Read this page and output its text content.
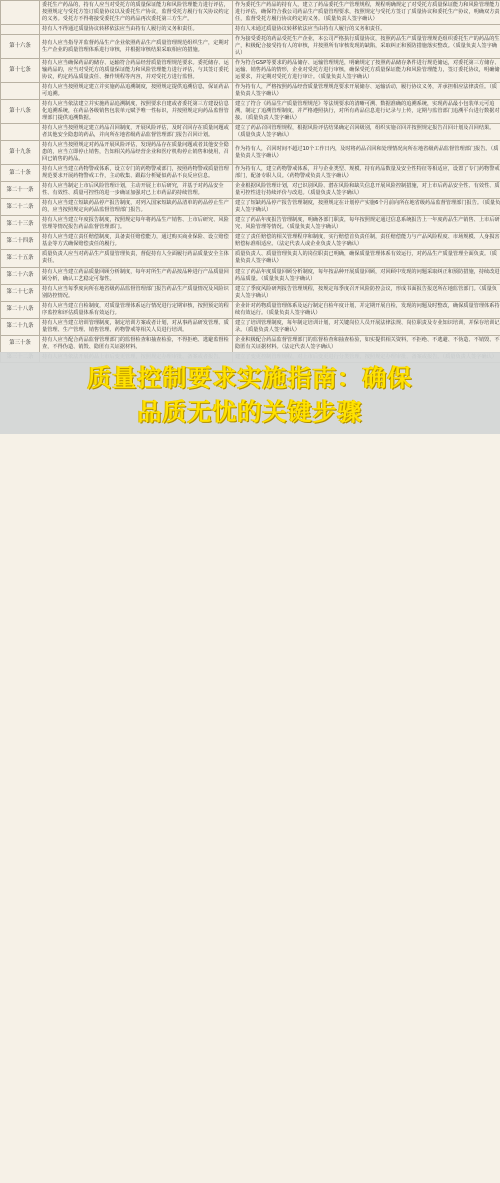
	委托生产药品的，持有人应当对受托方的质量保证能力和风险管理能力进行评估，按照规定与受托方签订质量协议以及委托生产协议，监督受托方履行有关协议约定的义务。受托方不得将接受委托生产的药品再次委托第三方生产。	作为委托生产药品的持有人，建立了药品委托生产管理规程，规程明确规定了对受托方质量保证能力和风险管理能力进行评估，确保符合我公司药品生产质量管理要求，按照规定与受托方签订了质量协议和委托生产协议，明确双方责任，监督受托方履行协议约定的义务。（质量负责人签字确认）
	持有人不得通过质量协议转移依法应当由持有人履行的义务和责任。	持有人未通过质量协议转移依法应当由持有人履行的义务和责任。
第十六条	持有人应当指导并监督药品生产企业依照药品生产质量管理规范组织生产，定期对生产企业的质量管理体系进行审核，并根据审核结果采取相应的措施。	作为接受委托的药品受托生产企业，本公司严格执行质量协议，按照药品生产质量管理规范组织委托生产的药品的生产，积极配合接受持有人的审核，并按照所有审核发现的缺陷，采取纠正和预防措施落实整改。（质量负责人签字确认）
第十七条	持有人应当确保药品的储存、运输符合药品经营质量管理规范要求。委托储存、运输药品的，应当对受托方的质量保证能力和风险管理能力进行评估，与其签订委托协议，约定药品质量责任、操作规程等内容，并对受托方进行监督。	作为符合GSP等要求的药品储存、运输管理规范，明确规定了按照药品储存条件进行规范储运，对委托第三方储存、运输、销售药品的情形，企业对受托方进行审核，确保受托方质量保证能力和风险管理能力，签订委托协议，明确储运要求，并定期对受托方进行审计。（质量负责人签字确认）
	持有人应当按照规定建立并实施药品追溯制度，按照规定提供追溯信息，保证药品可追溯。	作为持有人，严格按照药品经营质量管理规范要求开展储存、运输活动，履行协议义务，并承担相应法律责任。（质量负责人签字确认）
第十八条	持有人应当依法建立并实施药品追溯制度，按照要求自建或者委托第三方建设信息化追溯系统，在药品各级销售包装单元赋予唯一性标识，并按照规定向药品监督管理部门提供追溯数据。	建立了符合《药品生产质量管理规范》等法规要求的清晰可溯、数据准确的追溯系统，实现药品最小包装单元可追溯，制定了追溯管理制度，并严格遵照执行，对所有药品信息进行记录与上传，定期与监管部门追溯平台进行数据对接。（质量负责人签字确认）
	持有人应当按照规定建立药品召回制度，开展风险评估，及时召回存在质量问题或者其他安全隐患的药品，并向所在地省级药品监督管理部门报告召回计划。	建立了药品召回管理规程，根据风险评估结果确定召回级别，组织实施召回并按照规定报告召回计划及召回结果。（质量负责人签字确认）
第十九条	持有人应当按照规定对药品开展风险评估，发现药品存在质量问题或者其他安全隐患的，应当立即停止销售，告知相关药品经营企业和医疗机构停止销售和使用，召回已销售的药品。	作为持有人，召回时间不超过10个工作日内，及时将药品召回和处理情况向所在地省级药品监督管理部门报告。（质量负责人签字确认）
第二十条	持有人应当建立药物警戒体系，设立专门的药物警戒部门，按照药物警戒质量管理规范要求开展药物警戒工作，主动收集、跟踪分析疑似药品不良反应信息。	作为持有人，建立药物警戒体系，并与企业类型、规模、持有药品数量及安全性特征等相适应，设置了专门药物警戒部门，配备专职人员。（药物警戒负责人签字确认）
第二十一条	持有人应当制定上市后风险管理计划，主动开展上市后研究，并基于对药品安全性、有效性、质量可控性的进一步确证加强对已上市药品的持续管理。	企业根据风险管理计划，对已识别风险、潜在风险和缺失信息开展风险控制措施，对上市后药品安全性、有效性、质量可控性进行持续评价与改进。（质量负责人签字确认）
第二十二条	持有人应当建立短缺药品停产报告制度，对列入国家短缺药品清单的药品停止生产的，应当按照规定向药品监督管理部门报告。	建立了短缺药品停产报告管理制度，按照规定在计划停产实施6个月前向所在地省级药品监督管理部门报告。（质量负责人签字确认）
第二十三条	持有人应当建立年度报告制度，按照规定每年将药品生产销售、上市后研究、风险管理等情况报告药品监督管理部门。	建立了药品年度报告管理制度，明确各部门职责，每年按照规定通过信息系统报告上一年度药品生产销售、上市后研究、风险管理等情况。（质量负责人签字确认）
第二十四条	持有人应当建立责任赔偿制度，具备责任赔偿能力，通过购买商业保险、设立赔偿基金等方式确保赔偿责任的履行。	建立了责任赔偿的相关管理程序和制度，实行赔偿首负责任制，责任赔偿能力与产品风险程度、市场规模、人身损害赔偿标准相适应。（法定代表人或企业负责人签字确认）
第二十五条	质量负责人应当对药品生产质量管理负责，督促持有人全面履行药品质量安全主体责任。	质量负责人、质量管理负责人的岗位职责已明确，确保质量管理体系有效运行，对药品生产质量管理全面负责。（质量负责人签字确认）
第二十六条	持有人应当建立药品质量回顾分析制度，每年对所生产药品按品种进行产品质量回顾分析，确认工艺稳定可靠性。	建立了药品年度质量回顾分析制度，每年按品种开展质量回顾，对回顾中发现的问题采取纠正和预防措施，持续改进药品质量。（质量负责人签字确认）
第二十七条	持有人应当每季度向所在地省级药品监督管理部门报告药品生产质量情况及风险识别防控情况。	建立了季度风险研判报告管理规程，按规定每季度召开风险防控会议，形成书面报告报送所在地监管部门。（质量负责人签字确认）
第二十八条	持有人应当建立自检制度，对质量管理体系运行情况进行定期审核，按照预定的程序监控和评估质量体系有效运行。	企业针对药物质量管理体系及运行制定自检年度计划，并定期开展自检，发现的问题及时整改，确保质量管理体系持续有效运行。（质量负责人签字确认）
第二十九条	持有人应当建立培训管理制度，制定培训方案或者计划，对从事药品研发管理、质量管理、生产管理、销售管理、药物警戒等相关人员进行培训。	建立了培训管理制度，每年制定培训计划，对关键岗位人员开展法律法规、岗位职责及专业知识培训，并保存培训记录。（质量负责人签字确认）
第三十条	持有人应当配合药品监督管理部门的监督检查和抽查检验，不得拒绝、逃避监督检查，不得伪造、销毁、隐匿有关证据材料。	企业积极配合药品监督管理部门的监督检查和抽查检验，如实提供相关资料，不拒绝、不逃避、不伪造、不销毁、不隐匿有关证据材料。（法定代表人签字确认）

质量控制要求实施指南：确保
品质无忧的关键步骤
